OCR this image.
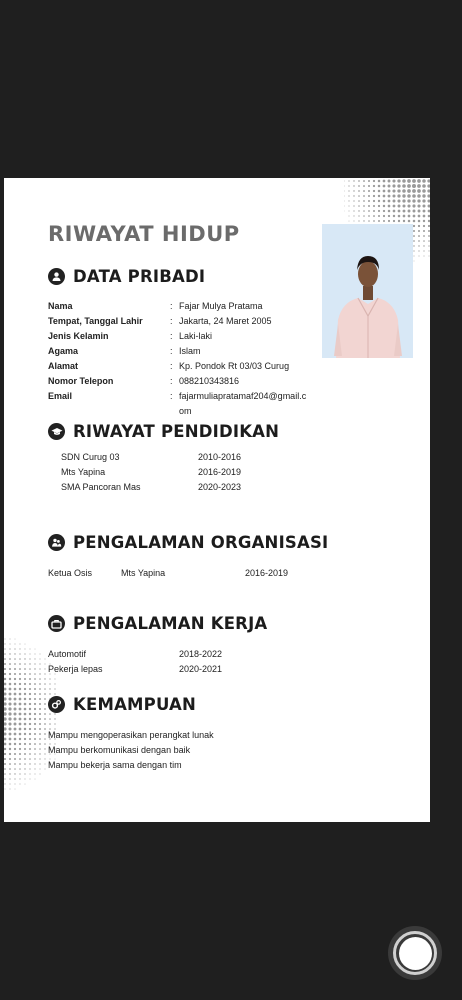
RIWAYAT HIDUP
DATA PRIBADI
Nama	: Fajar Mulya Pratama
Tempat, Tanggal Lahir	: Jakarta, 24 Maret 2005
Jenis Kelamin	: Laki-laki
Agama	: Islam
Alamat	: Kp. Pondok Rt 03/03 Curug
Nomor Telepon	: 088210343816
Email	: fajarmuliapratamaf204@gmail.c
om
RIWAYAT PENDIDIKAN
SDN Curug 03	2010-2016
Mts Yapina	2016-2019
SMA Pancoran Mas	2020-2023
PENGALAMAN ORGANISASI
Ketua Osis	Mts Yapina	2016-2019
PENGALAMAN KERJA
Automotif	2018-2022
Pekerja lepas	2020-2021
KEMAMPUAN
Mampu mengoperasikan perangkat lunak
Mampu berkomunikasi dengan baik
Mampu bekerja sama dengan tim
